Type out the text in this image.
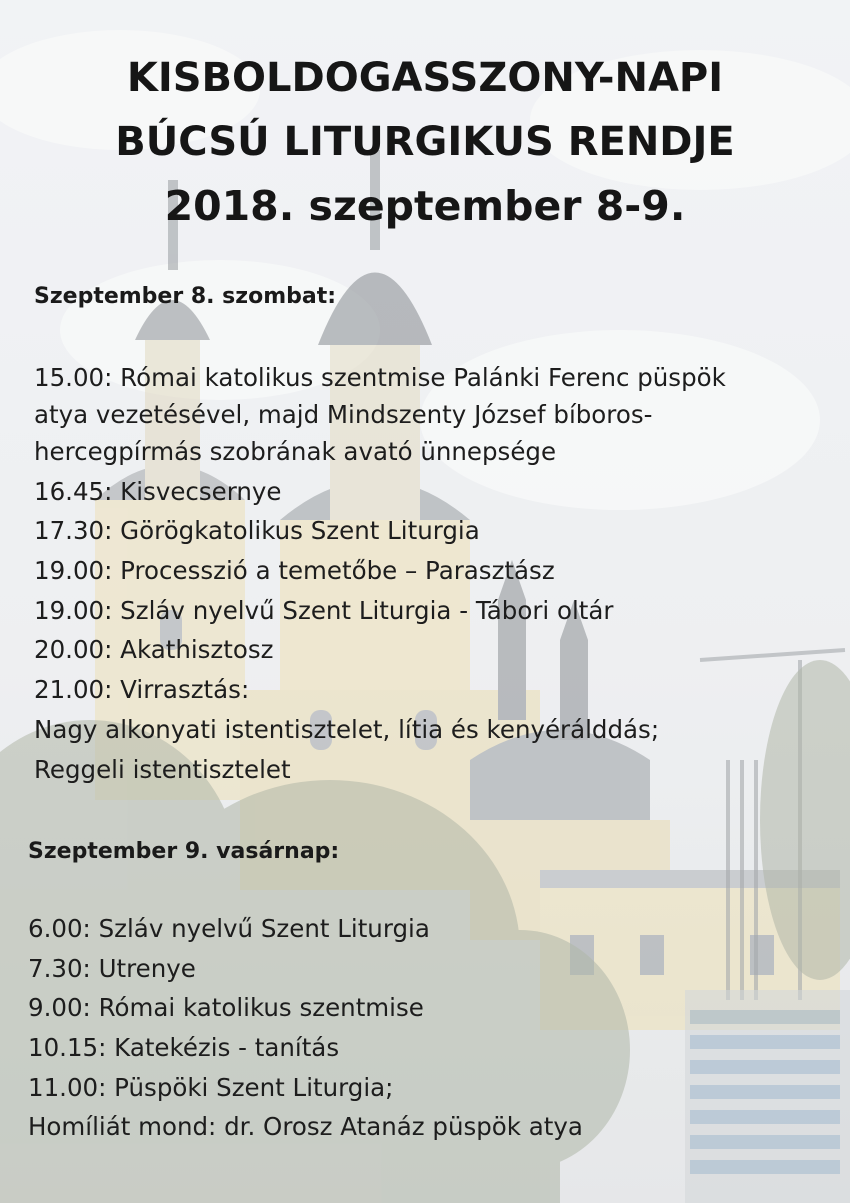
KISBOLDOGASSZONY-NAPI
BÚCSÚ LITURGIKUS RENDJE
2018. szeptember 8-9.
Szeptember 8. szombat:
15.00: Római katolikus szentmise Palánki Ferenc püspök
atya vezetésével, majd Mindszenty József bíboros-
hercegpírmás szobrának avató ünnepsége
16.45: Kisvecsernye
17.30: Görögkatolikus Szent Liturgia
19.00: Processzió a temetőbe – Parasztász
19.00: Szláv nyelvű Szent Liturgia - Tábori oltár
20.00: Akathisztosz
21.00: Virrasztás:
Nagy alkonyati istentisztelet, lítia és kenyérálddás;
Reggeli istentisztelet
Szeptember 9. vasárnap:
6.00: Szláv nyelvű Szent Liturgia
7.30: Utrenye
9.00: Római katolikus szentmise
10.15: Katekézis - tanítás
11.00: Püspöki Szent Liturgia;
Homíliát mond: dr. Orosz Atanáz püspök atya
